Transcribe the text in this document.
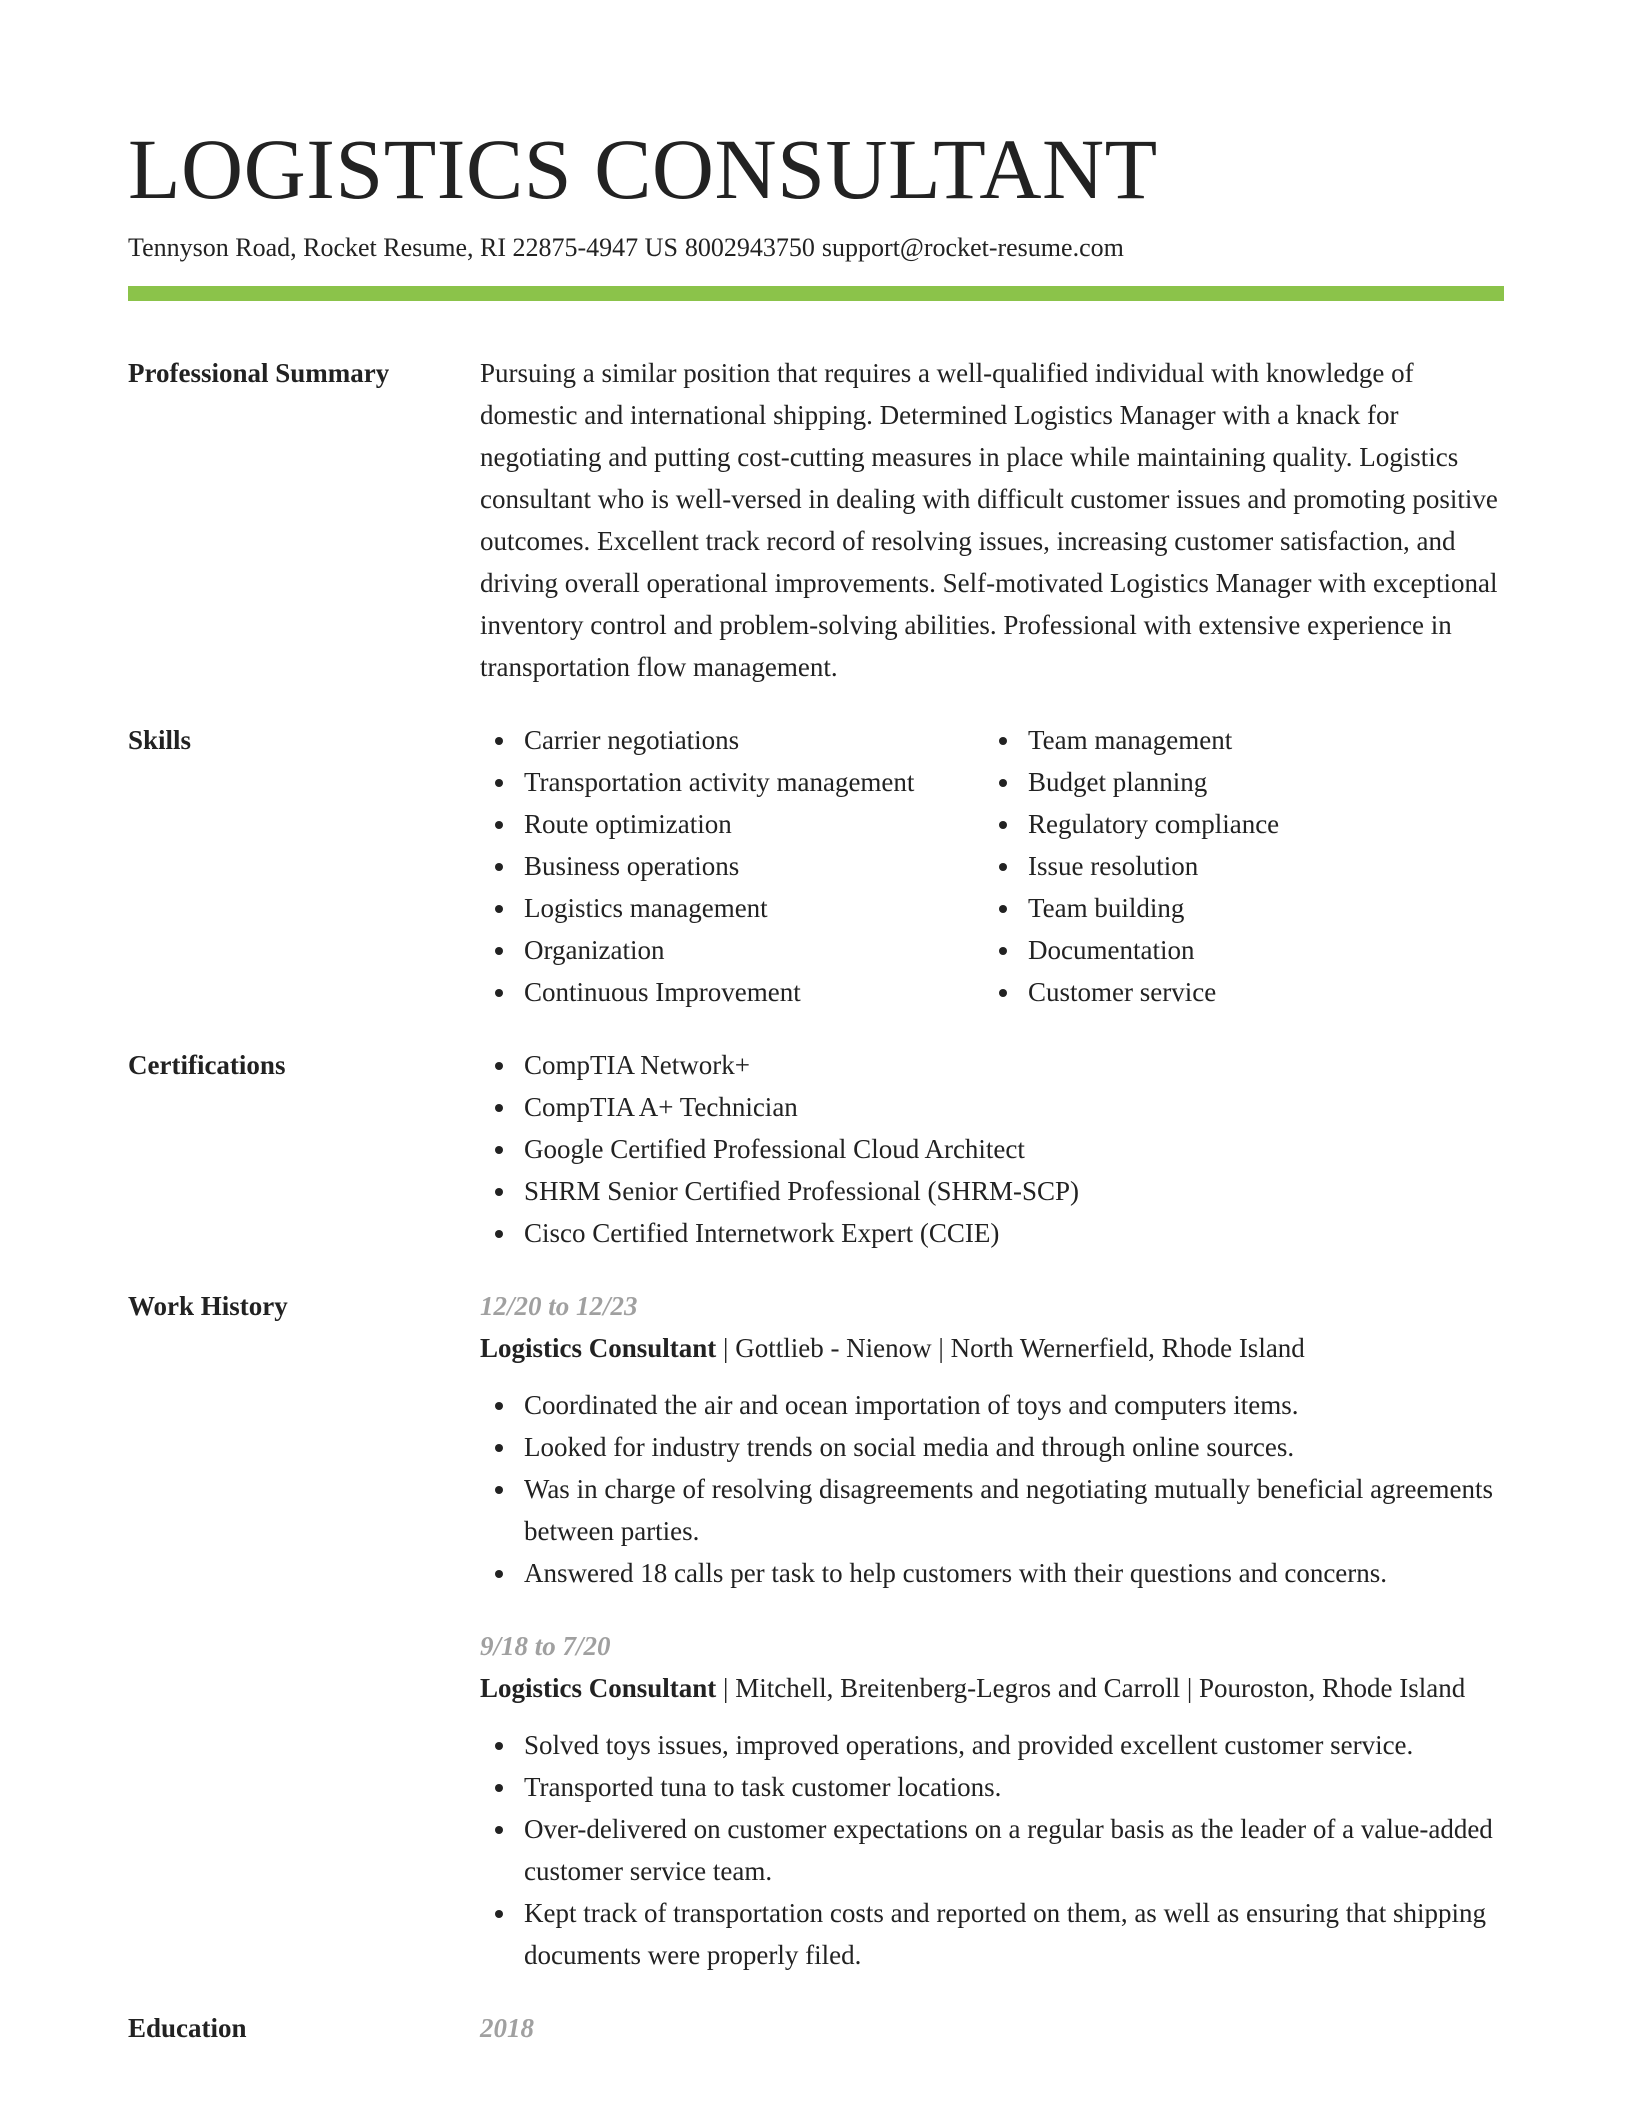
LOGISTICS CONSULTANT
Tennyson Road, Rocket Resume, RI 22875-4947 US 8002943750 support@rocket-resume.com
Professional Summary	Pursuing a similar position that requires a well-qualified individual with knowledge of domestic and international shipping. Determined Logistics Manager with a knack for negotiating and putting cost-cutting measures in place while maintaining quality. Logistics consultant who is well-versed in dealing with difficult customer issues and promoting positive outcomes. Excellent track record of resolving issues, increasing customer satisfaction, and driving overall operational improvements. Self-motivated Logistics Manager with exceptional inventory control and problem-solving abilities. Professional with extensive experience in transportation flow management.

Skills	Carrier negotiations
Transportation activity management
Route optimization
Business operations
Logistics management
Organization
Continuous Improvement
Team management
Budget planning
Regulatory compliance
Issue resolution
Team building
Documentation
Customer service
Certifications	CompTIA Network+
CompTIA A+ Technician
Google Certified Professional Cloud Architect
SHRM Senior Certified Professional (SHRM-SCP)
Cisco Certified Internetwork Expert (CCIE)
Work History	12/20 to 12/23
Logistics Consultant | Gottlieb - Nienow | North Wernerfield, Rhode Island
Coordinated the air and ocean importation of toys and computers items.
Looked for industry trends on social media and through online sources.
Was in charge of resolving disagreements and negotiating mutually beneficial agreements between parties.
Answered 18 calls per task to help customers with their questions and concerns.
9/18 to 7/20
Logistics Consultant | Mitchell, Breitenberg-Legros and Carroll | Pouroston, Rhode Island
Solved toys issues, improved operations, and provided excellent customer service.
Transported tuna to task customer locations.
Over-delivered on customer expectations on a regular basis as the leader of a value-added customer service team.
Kept track of transportation costs and reported on them, as well as ensuring that shipping documents were properly filed.
Education	2018
